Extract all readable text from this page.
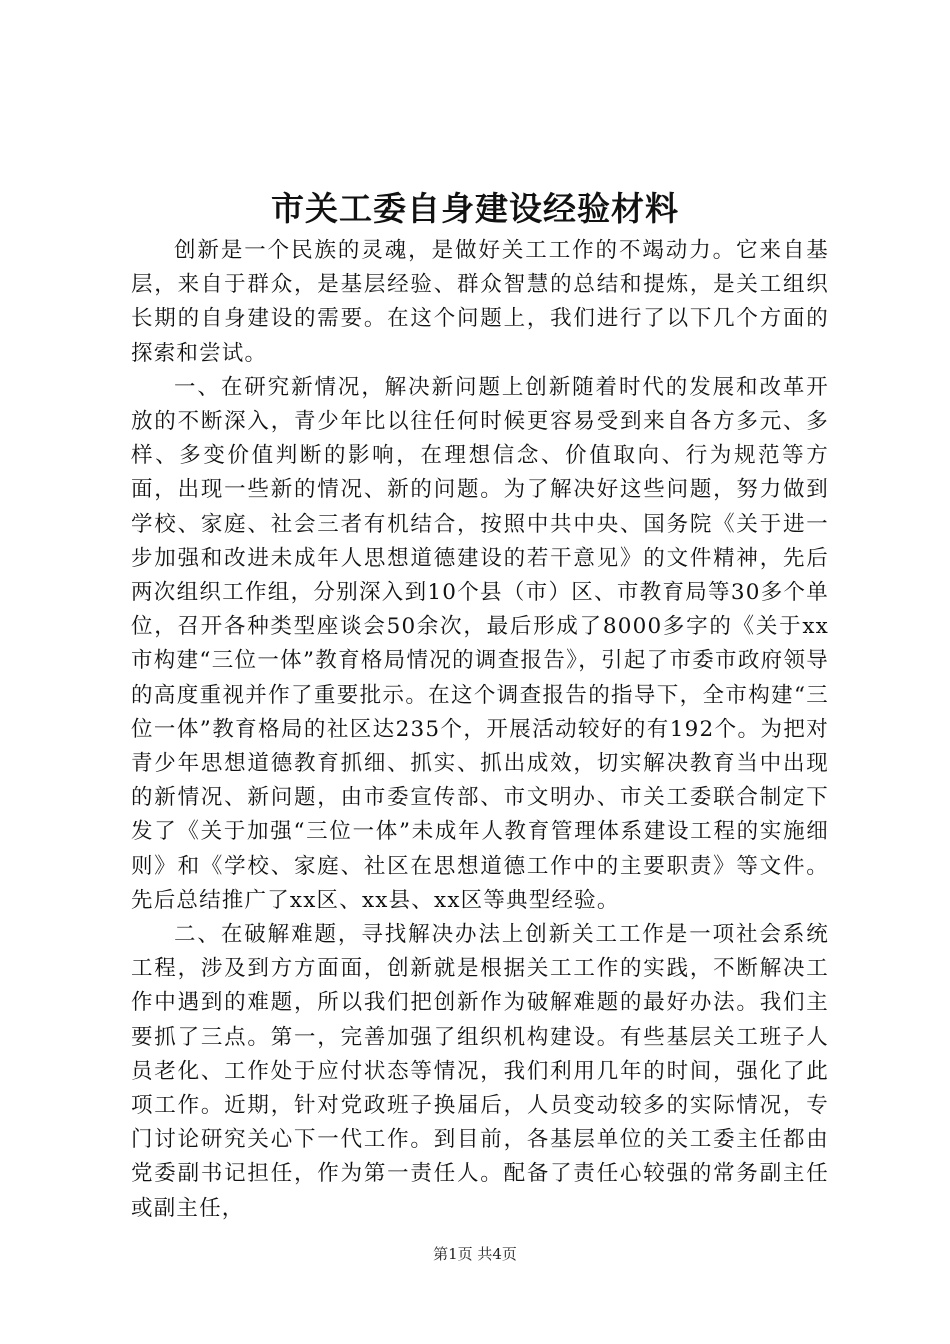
市关工委自身建设经验材料

创新是一个民族的灵魂，是做好关工工作的不竭动力。它来自基层，来自于群众，是基层经验、群众智慧的总结和提炼，是关工组织长期的自身建设的需要。在这个问题上，我们进行了以下几个方面的探索和尝试。

一、在研究新情况，解决新问题上创新随着时代的发展和改革开放的不断深入，青少年比以往任何时候更容易受到来自各方多元、多样、多变价值判断的影响，在理想信念、价值取向、行为规范等方面，出现一些新的情况、新的问题。为了解决好这些问题，努力做到学校、家庭、社会三者有机结合，按照中共中央、国务院《关于进一步加强和改进未成年人思想道德建设的若干意见》的文件精神，先后两次组织工作组，分别深入到10个县（市）区、市教育局等30多个单位，召开各种类型座谈会50余次，最后形成了8000多字的《关于xx市构建“三位一体”教育格局情况的调查报告》，引起了市委市政府领导的高度重视并作了重要批示。在这个调查报告的指导下，全市构建“三位一体”教育格局的社区达235个，开展活动较好的有192个。为把对青少年思想道德教育抓细、抓实、抓出成效，切实解决教育当中出现的新情况、新问题，由市委宣传部、市文明办、市关工委联合制定下发了《关于加强“三位一体”未成年人教育管理体系建设工程的实施细则》和《学校、家庭、社区在思想道德工作中的主要职责》等文件。先后总结推广了xx区、xx县、xx区等典型经验。

二、在破解难题，寻找解决办法上创新关工工作是一项社会系统工程，涉及到方方面面，创新就是根据关工工作的实践，不断解决工作中遇到的难题，所以我们把创新作为破解难题的最好办法。我们主要抓了三点。第一，完善加强了组织机构建设。有些基层关工班子人员老化、工作处于应付状态等情况，我们利用几年的时间，强化了此项工作。近期，针对党政班子换届后，人员变动较多的实际情况，专门讨论研究关心下一代工作。到目前，各基层单位的关工委主任都由党委副书记担任，作为第一责任人。配备了责任心较强的常务副主任或副主任，

第1页 共4页
